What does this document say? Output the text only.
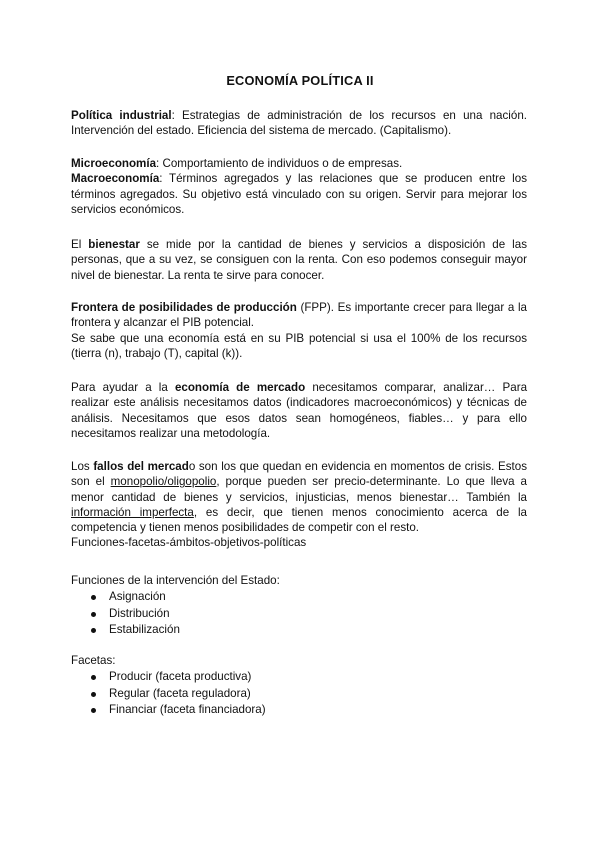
ECONOMÍA POLÍTICA II

Política industrial: Estrategias de administración de los recursos en una nación. Intervención del estado. Eficiencia del sistema de mercado. (Capitalismo).

Microeconomía: Comportamiento de individuos o de empresas.

Macroeconomía: Términos agregados y las relaciones que se producen entre los términos agregados. Su objetivo está vinculado con su origen. Servir para mejorar los servicios económicos.

El bienestar se mide por la cantidad de bienes y servicios a disposición de las personas, que a su vez, se consiguen con la renta. Con eso podemos conseguir mayor nivel de bienestar. La renta te sirve para conocer.

Frontera de posibilidades de producción (FPP). Es importante crecer para llegar a la frontera y alcanzar el PIB potencial.

Se sabe que una economía está en su PIB potencial si usa el 100% de los recursos (tierra (n), trabajo (T), capital (k)).

Para ayudar a la economía de mercado necesitamos comparar, analizar… Para realizar este análisis necesitamos datos (indicadores macroeconómicos) y técnicas de análisis. Necesitamos que esos datos sean homogéneos, fiables… y para ello necesitamos realizar una metodología.

Los fallos del mercado son los que quedan en evidencia en momentos de crisis. Estos son el monopolio/oligopolio, porque pueden ser precio-determinante. Lo que lleva a menor cantidad de bienes y servicios, injusticias, menos bienestar… También la información imperfecta, es decir, que tienen menos conocimiento acerca de la competencia y tienen menos posibilidades de competir con el resto.

Funciones-facetas-ámbitos-objetivos-políticas

Funciones de la intervención del Estado:

Asignación
Distribución
Estabilización

Facetas:

Producir (faceta productiva)
Regular (faceta reguladora)
Financiar (faceta financiadora)
